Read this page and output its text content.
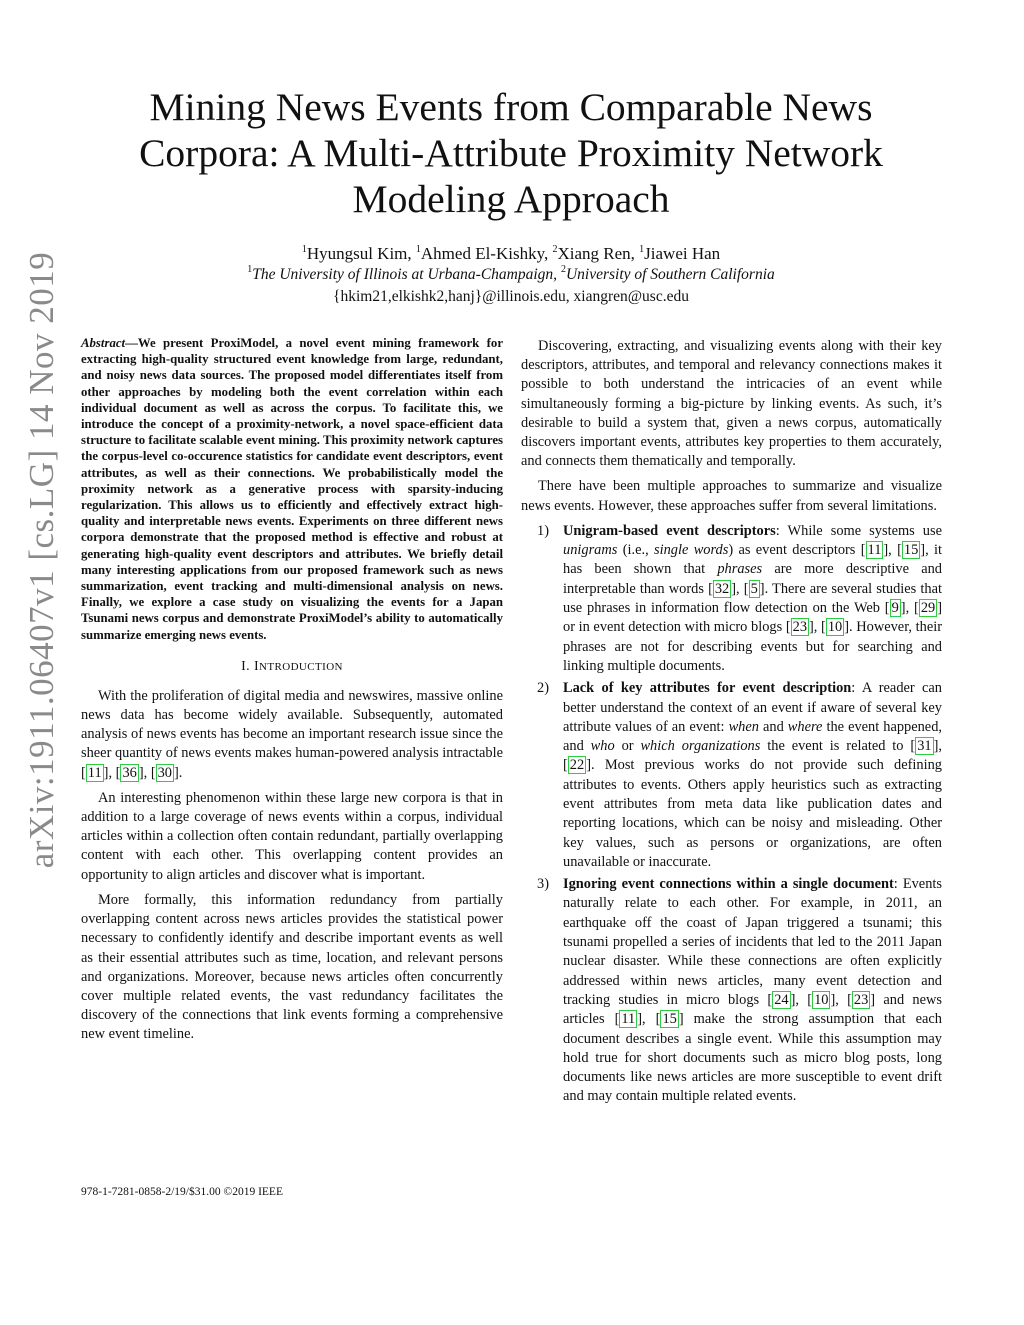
arXiv:1911.06407v1 [cs.LG] 14 Nov 2019
Mining News Events from Comparable News
Corpora: A Multi-Attribute Proximity Network
Modeling Approach
$^1$Hyungsul Kim, $^1$Ahmed El-Kishky, $^2$Xiang Ren, $^1$Jiawei Han
$^1$The University of Illinois at Urbana-Champaign, $^2$University of Southern California
{hkim21,elkishk2,hanj}@illinois.edu, xiangren@usc.edu

Abstract—We present ProxiModel, a novel event mining framework for extracting high-quality structured event knowledge from large, redundant, and noisy news data sources. The proposed model differentiates itself from other approaches by modeling both the event correlation within each individual document as well as across the corpus. To facilitate this, we introduce the concept of a proximity-network, a novel space-efficient data structure to facilitate scalable event mining. This proximity network captures the corpus-level co-occurence statistics for candidate event descriptors, event attributes, as well as their connections. We probabilistically model the proximity network as a generative process with sparsity-inducing regularization. This allows us to efficiently and effectively extract high-quality and interpretable news events. Experiments on three different news corpora demonstrate that the proposed method is effective and robust at generating high-quality event descriptors and attributes. We briefly detail many interesting applications from our proposed framework such as news summarization, event tracking and multi-dimensional analysis on news. Finally, we explore a case study on visualizing the events for a Japan Tsunami news corpus and demonstrate ProxiModel’s ability to automatically summarize emerging news events.

I. INTRODUCTION

With the proliferation of digital media and newswires, massive online news data has become widely available. Subsequently, automated analysis of news events has become an important research issue since the sheer quantity of news events makes human-powered analysis intractable [ 11 ], [ 36 ], [ 30 ].

An interesting phenomenon within these large new corpora is that in addition to a large coverage of news events within a corpus, individual articles within a collection often contain redundant, partially overlapping content with each other. This overlapping content provides an opportunity to align articles and discover what is important.

More formally, this information redundancy from partially overlapping content across news articles provides the statistical power necessary to confidently identify and describe important events as well as their essential attributes such as time, location, and relevant persons and organizations. Moreover, because news articles often concurrently cover multiple related events, the vast redundancy facilitates the discovery of the connections that link events forming a comprehensive new event timeline.

978-1-7281-0858-2/19/$31.00 ©2019 IEEE

Discovering, extracting, and visualizing events along with their key descriptors, attributes, and temporal and relevancy connections makes it possible to both understand the intricacies of an event while simultaneously forming a big-picture by linking events. As such, it’s desirable to build a system that, given a news corpus, automatically discovers important events, attributes key properties to them accurately, and connects them thematically and temporally.

There have been multiple approaches to summarize and visualize news events. However, these approaches suffer from several limitations.

1) Unigram-based event descriptors: While some systems use unigrams (i.e., single words) as event descriptors [ 11 ], [ 15 ], it has been shown that phrases are more descriptive and interpretable than words [ 32 ], [ 5 ]. There are several studies that use phrases in information flow detection on the Web [ 9 ], [ 29 ] or in event detection with micro blogs [ 23 ], [ 10 ]. However, their phrases are not for describing events but for searching and linking multiple documents.
2) Lack of key attributes for event description: A reader can better understand the context of an event if aware of several key attribute values of an event: when and where the event happened, and who or which organizations the event is related to [ 31 ], [ 22 ]. Most previous works do not provide such defining attributes to events. Others apply heuristics such as extracting event attributes from meta data like publication dates and reporting locations, which can be noisy and misleading. Other key values, such as persons or organizations, are often unavailable or inaccurate.
3) Ignoring event connections within a single document: Events naturally relate to each other. For example, in 2011, an earthquake off the coast of Japan triggered a tsunami; this tsunami propelled a series of incidents that led to the 2011 Japan nuclear disaster. While these connections are often explicitly addressed within news articles, many event detection and tracking studies in micro blogs [ 24 ], [ 10 ], [ 23 ] and news articles [ 11 ], [ 15 ] make the strong assumption that each document describes a single event. While this assumption may hold true for short documents such as micro blog posts, long documents like news articles are more susceptible to event drift and may contain multiple related events.
